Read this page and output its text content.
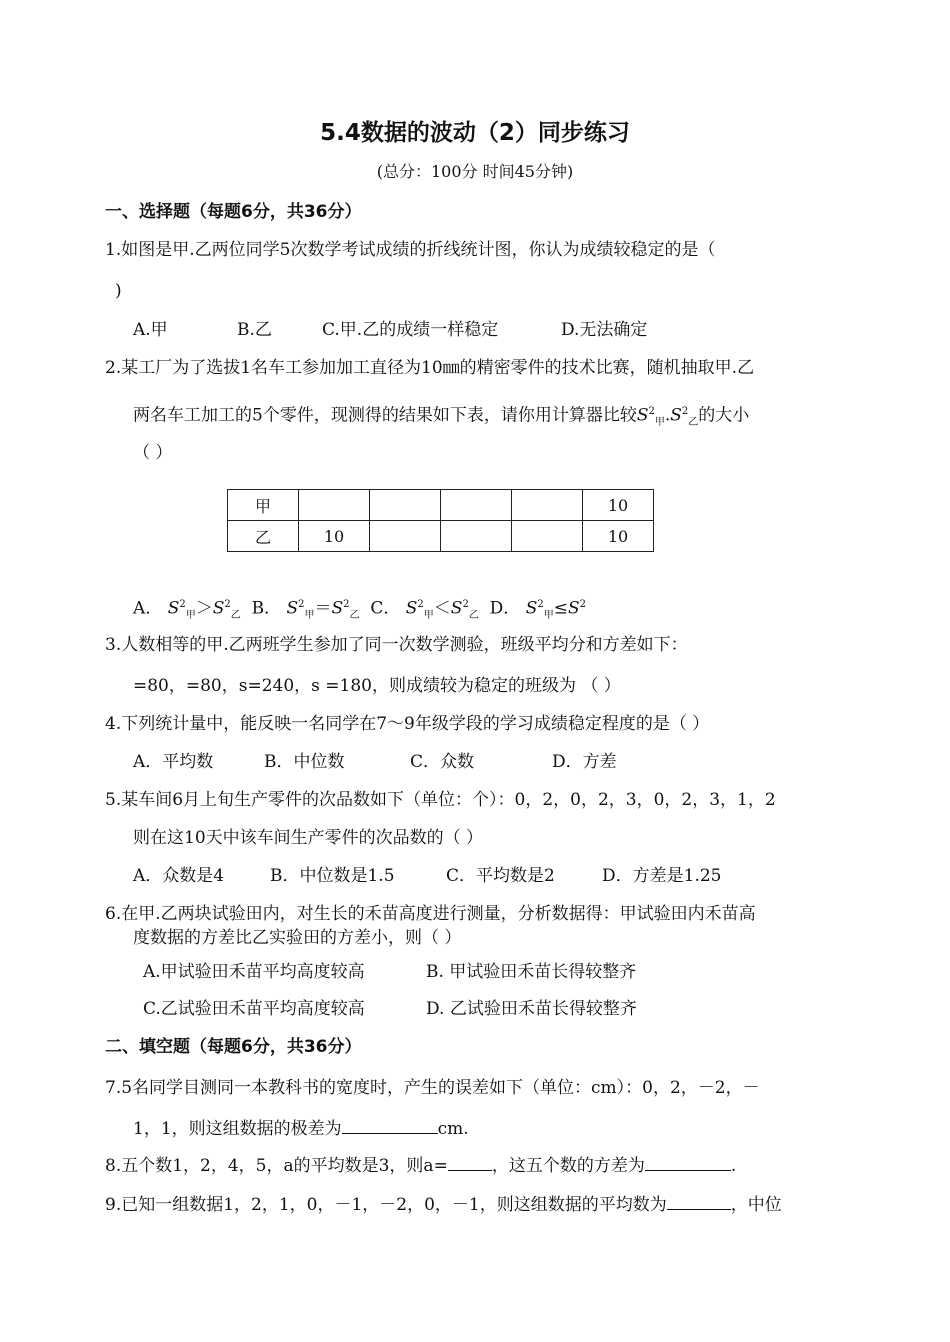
5.4数据的波动（2）同步练习
(总分：100分 时间45分钟)
一、选择题（每题6分，共36分）
1.如图是甲.乙两位同学5次数学考试成绩的折线统计图，你认为成绩较稳定的是（
)
A.甲	B.乙	C.甲.乙的成绩一样稳定	D.无法确定
2.某工厂为了选拔1名车工参加加工直径为10㎜的精密零件的技术比赛，随机抽取甲.乙
两名车工加工的5个零件，现测得的结果如下表，请你用计算器比较$S^2_甲.S^2_乙$的大小
（ ）
甲					10
乙	10				10
A． $S^2_甲>S^2_乙$ B． $S^2_甲=S^2_乙$ C． $S^2_甲<S^2_乙$ D． $S^2_甲\le S^2$
3.人数相等的甲.乙两班学生参加了同一次数学测验，班级平均分和方差如下：
=80，=80，s=240，s =180，则成绩较为稳定的班级为 （ ）
4.下列统计量中，能反映一名同学在7～9年级学段的学习成绩稳定程度的是（ ）
A．平均数	B．中位数	C．众数	D．方差
5.某车间6月上旬生产零件的次品数如下（单位：个）：0，2，0，2，3，0，2，3，1，2
则在这10天中该车间生产零件的次品数的（ ）
A．众数是4	B．中位数是1.5	C．平均数是2	D．方差是1.25
6.在甲.乙两块试验田内，对生长的禾苗高度进行测量，分析数据得：甲试验田内禾苗高
度数据的方差比乙实验田的方差小，则（ ）
A.甲试验田禾苗平均高度较高	B. 甲试验田禾苗长得较整齐
C.乙试验田禾苗平均高度较高	D. 乙试验田禾苗长得较整齐
二、填空题（每题6分，共36分）
7.5名同学目测同一本教科书的宽度时，产生的误差如下（单位：cm）：0，2，－2，－
1，1，则这组数据的极差为	cm.
8.五个数1，2，4，5，a的平均数是3，则a=	，这五个数的方差为	.
9.已知一组数据1，2，1，0，－1，－2，0，－1，则这组数据的平均数为	，中位
